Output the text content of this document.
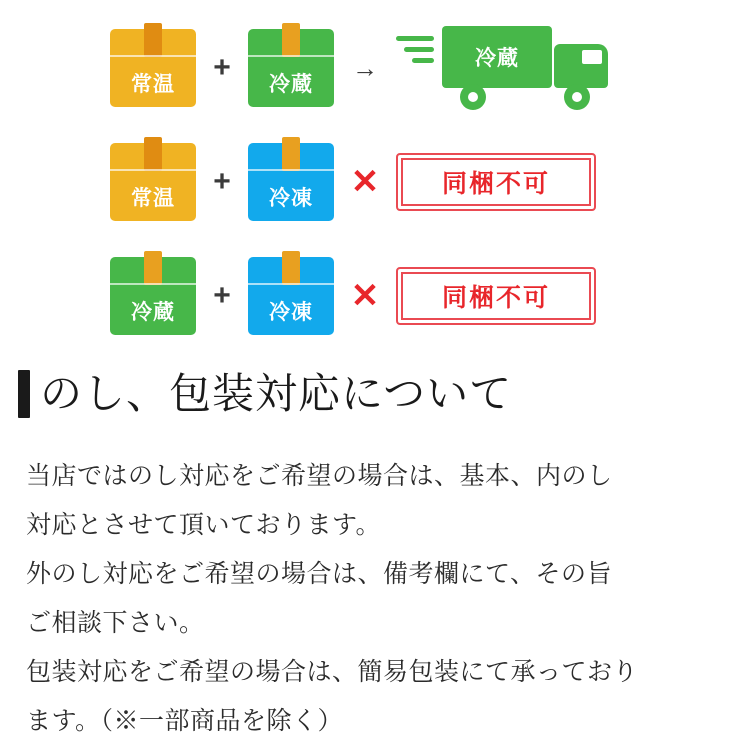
常温
+
冷蔵
→	冷蔵
常温
+
冷凍	✕	同梱不可
冷蔵
+
冷凍	✕	同梱不可
のし、包装対応について

当店ではのし対応をご希望の場合は、基本、内のし

対応とさせて頂いております。

外のし対応をご希望の場合は、備考欄にて、その旨

ご相談下さい。

包装対応をご希望の場合は、簡易包装にて承っており

ます。（※一部商品を除く）
